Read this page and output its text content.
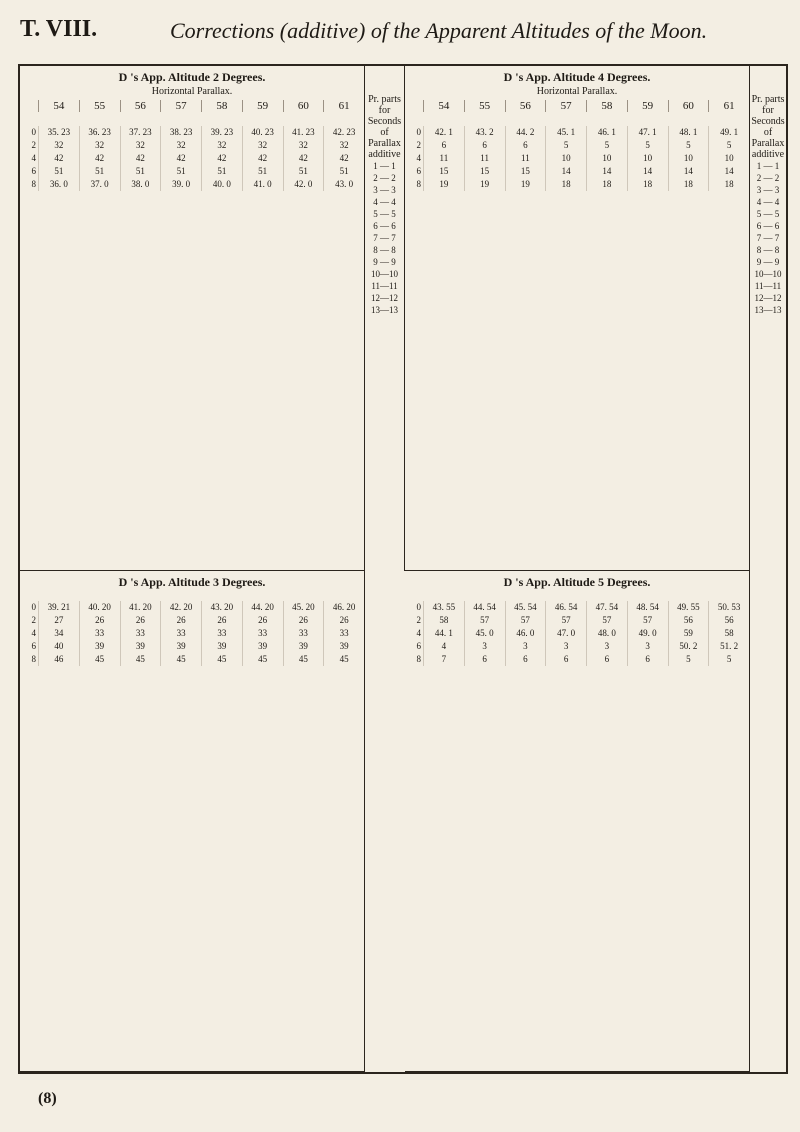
T. VIII.	Corrections (additive) of the Apparent Altitudes of the Moon.
D 's App. Altitude 2 Degrees.
Horizontal Parallax.
54	55	56	57	58	59	60	61
0	35. 23	36. 23	37. 23	38. 23	39. 23	40. 23	41. 23	42. 23
2	32	32	32	32	32	32	32	32
4	42	42	42	42	42	42	42	42
6	51	51	51	51	51	51	51	51
8	36. 0	37. 0	38. 0	39. 0	40. 0	41. 0	42. 0	43. 0
Pr. parts for Seconds of Parallax additive
1 — 1
2 — 2
3 — 3
4 — 4
5 — 5
6 — 6
7 — 7
8 — 8
9 — 9
10—10
11—11
12—12
13—13
D 's App. Altitude 4 Degrees.
Horizontal Parallax.
54	55	56	57	58	59	60	61
0	42. 1	43. 2	44. 2	45. 1	46. 1	47. 1	48. 1	49. 1
2	6	6	6	5	5	5	5	5
4	11	11	11	10	10	10	10	10
6	15	15	15	14	14	14	14	14
8	19	19	19	18	18	18	18	18
Pr. parts for Seconds of Parallax additive
1 — 1
2 — 2
3 — 3
4 — 4
5 — 5
6 — 6
7 — 7
8 — 8
9 — 9
10—10
11—11
12—12
13—13
D 's App. Altitude 3 Degrees.
0	39. 21	40. 20	41. 20	42. 20	43. 20	44. 20	45. 20	46. 20
2	27	26	26	26	26	26	26	26
4	34	33	33	33	33	33	33	33
6	40	39	39	39	39	39	39	39
8	46	45	45	45	45	45	45	45
D 's App. Altitude 5 Degrees.
0	43. 55	44. 54	45. 54	46. 54	47. 54	48. 54	49. 55	50. 53
2	58	57	57	57	57	57	56	56
4	44. 1	45. 0	46. 0	47. 0	48. 0	49. 0	59	58
6	4	3	3	3	3	3	50. 2	51. 2
8	7	6	6	6	6	6	5	5
(8)
